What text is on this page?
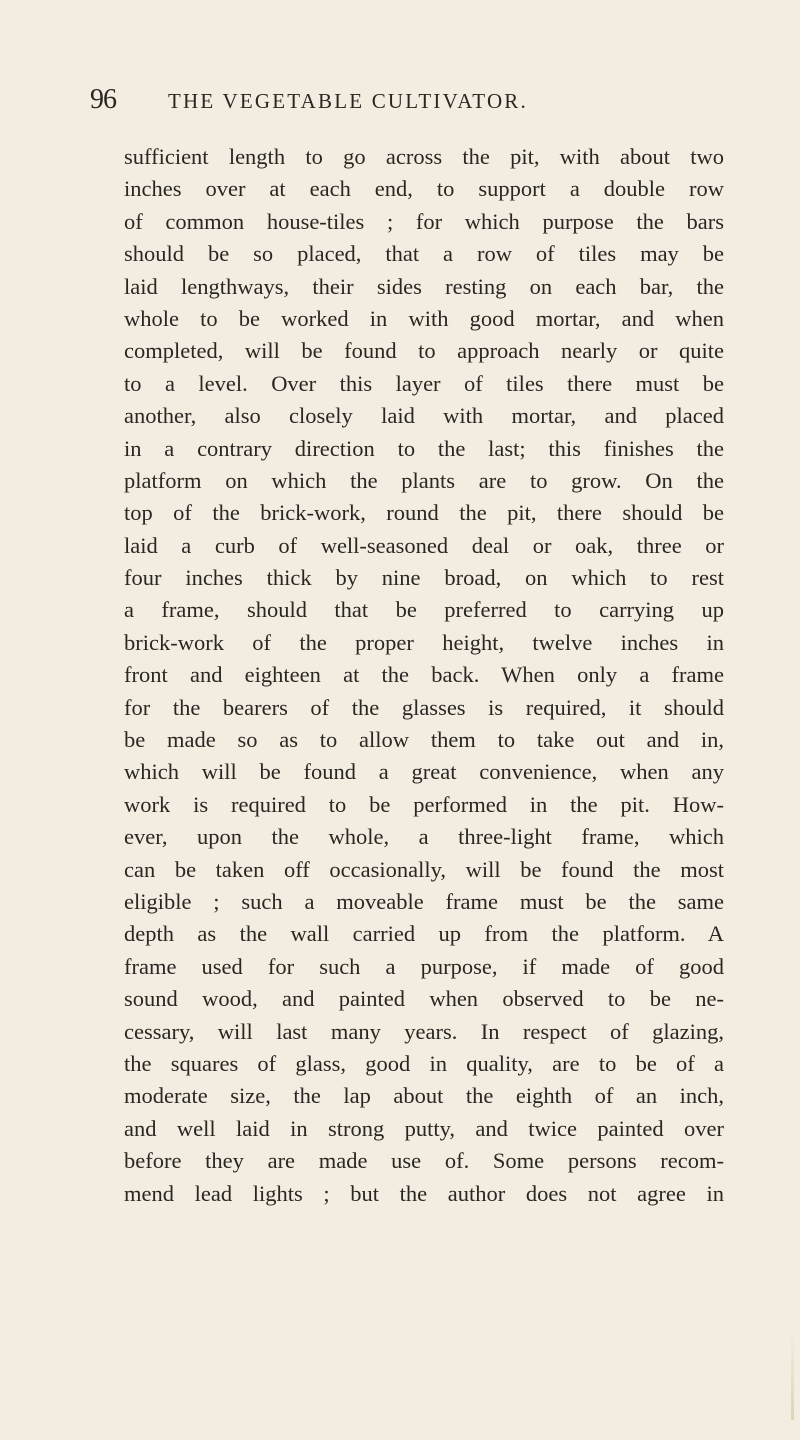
96 THE VEGETABLE CULTIVATOR.
sufficient length to go across the pit, with about two
inches over at each end, to support a double row
of common house-tiles ; for which purpose the bars
should be so placed, that a row of tiles may be
laid lengthways, their sides resting on each bar, the
whole to be worked in with good mortar, and when
completed, will be found to approach nearly or quite
to a level. Over this layer of tiles there must be
another, also closely laid with mortar, and placed
in a contrary direction to the last; this finishes the
platform on which the plants are to grow. On the
top of the brick-work, round the pit, there should be
laid a curb of well-seasoned deal or oak, three or
four inches thick by nine broad, on which to rest
a frame, should that be preferred to carrying up
brick-work of the proper height, twelve inches in
front and eighteen at the back. When only a frame
for the bearers of the glasses is required, it should
be made so as to allow them to take out and in,
which will be found a great convenience, when any
work is required to be performed in the pit. How-
ever, upon the whole, a three-light frame, which
can be taken off occasionally, will be found the most
eligible ; such a moveable frame must be the same
depth as the wall carried up from the platform. A
frame used for such a purpose, if made of good
sound wood, and painted when observed to be ne-
cessary, will last many years. In respect of glazing,
the squares of glass, good in quality, are to be of a
moderate size, the lap about the eighth of an inch,
and well laid in strong putty, and twice painted over
before they are made use of. Some persons recom-
mend lead lights ; but the author does not agree in
